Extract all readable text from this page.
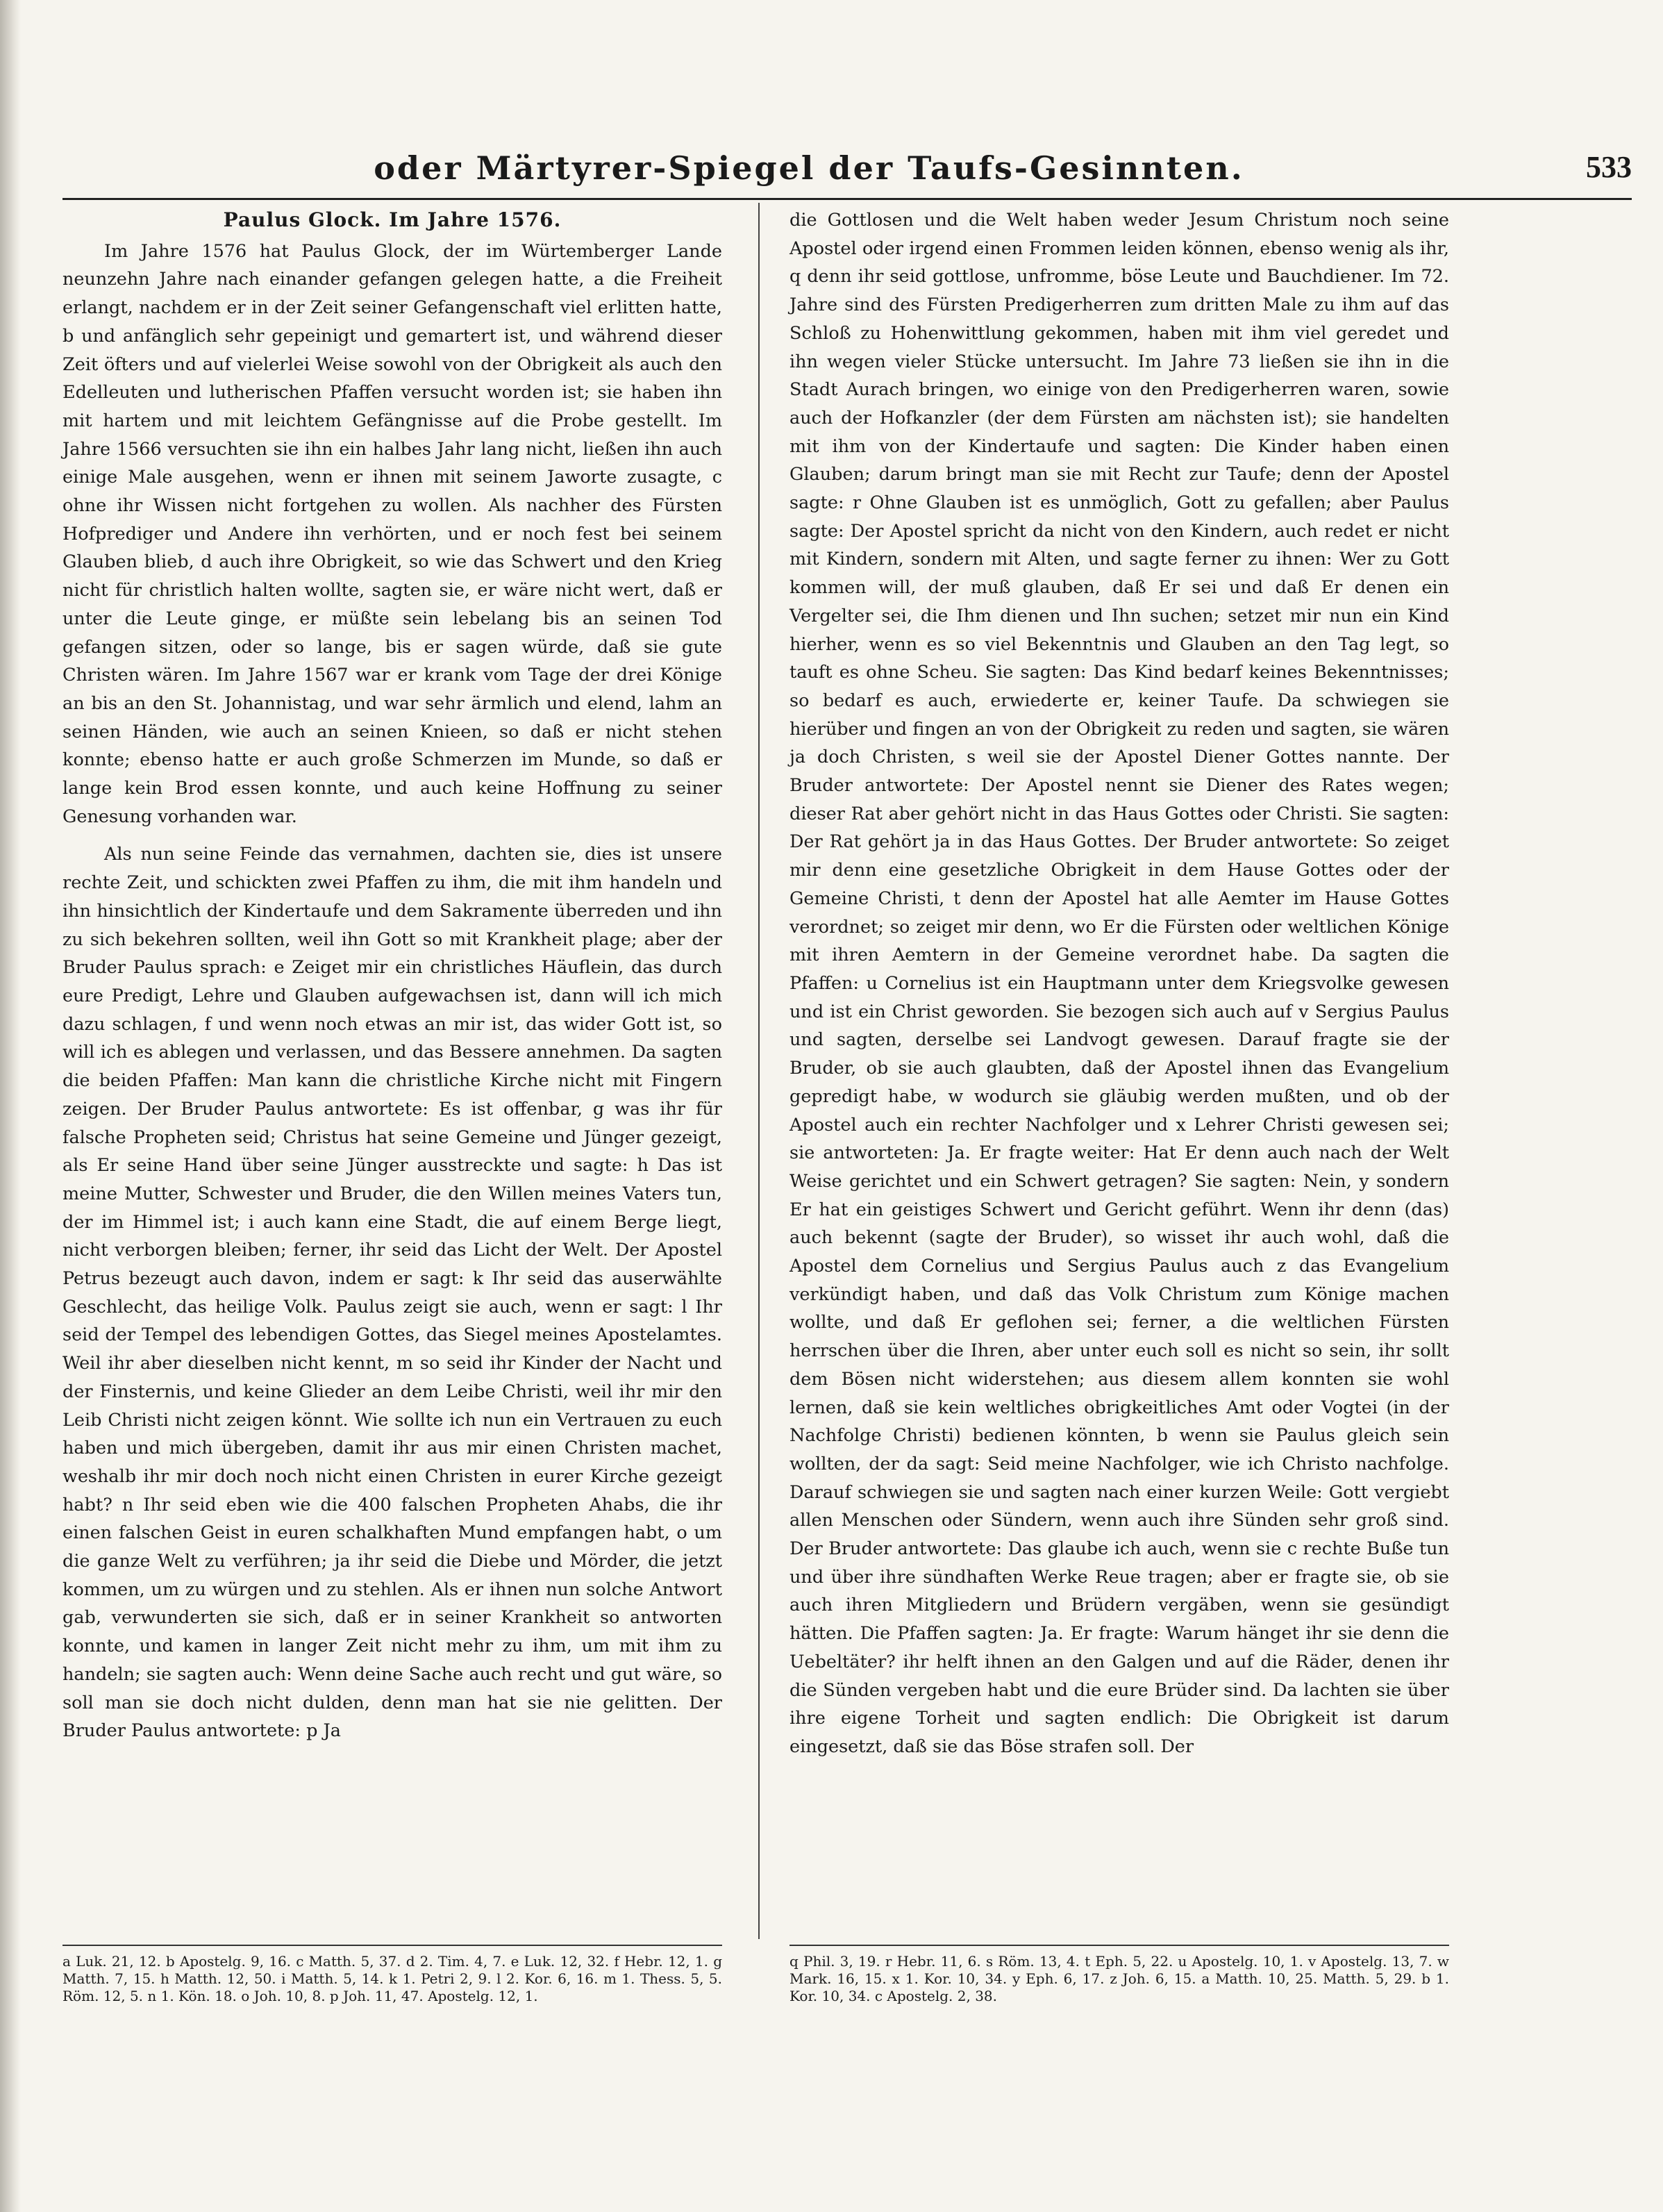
oder Märtyrer-Spiegel der Taufs-Gesinnten.	533
Paulus Glock. Im Jahre 1576.

Im Jahre 1576 hat Paulus Glock, der im Würtemberger Lande neunzehn Jahre nach einander gefangen gelegen hatte, a die Freiheit erlangt, nachdem er in der Zeit seiner Gefangenschaft viel erlitten hatte, b und anfänglich sehr gepeinigt und gemartert ist, und während dieser Zeit öfters und auf vielerlei Weise sowohl von der Obrigkeit als auch den Edelleuten und lutherischen Pfaffen versucht worden ist; sie haben ihn mit hartem und mit leichtem Gefängnisse auf die Probe gestellt. Im Jahre 1566 versuchten sie ihn ein halbes Jahr lang nicht, ließen ihn auch einige Male ausgehen, wenn er ihnen mit seinem Jaworte zusagte, c ohne ihr Wissen nicht fortgehen zu wollen. Als nachher des Fürsten Hofprediger und Andere ihn verhörten, und er noch fest bei seinem Glauben blieb, d auch ihre Obrigkeit, so wie das Schwert und den Krieg nicht für christlich halten wollte, sagten sie, er wäre nicht wert, daß er unter die Leute ginge, er müßte sein lebelang bis an seinen Tod gefangen sitzen, oder so lange, bis er sagen würde, daß sie gute Christen wären. Im Jahre 1567 war er krank vom Tage der drei Könige an bis an den St. Johannistag, und war sehr ärmlich und elend, lahm an seinen Händen, wie auch an seinen Knieen, so daß er nicht stehen konnte; ebenso hatte er auch große Schmerzen im Munde, so daß er lange kein Brod essen konnte, und auch keine Hoffnung zu seiner Genesung vorhanden war.

Als nun seine Feinde das vernahmen, dachten sie, dies ist unsere rechte Zeit, und schickten zwei Pfaffen zu ihm, die mit ihm handeln und ihn hinsichtlich der Kindertaufe und dem Sakramente überreden und ihn zu sich bekehren sollten, weil ihn Gott so mit Krankheit plage; aber der Bruder Paulus sprach: e Zeiget mir ein christliches Häuflein, das durch eure Predigt, Lehre und Glauben aufgewachsen ist, dann will ich mich dazu schlagen, f und wenn noch etwas an mir ist, das wider Gott ist, so will ich es ablegen und verlassen, und das Bessere annehmen. Da sagten die beiden Pfaffen: Man kann die christliche Kirche nicht mit Fingern zeigen. Der Bruder Paulus antwortete: Es ist offenbar, g was ihr für falsche Propheten seid; Christus hat seine Gemeine und Jünger gezeigt, als Er seine Hand über seine Jünger ausstreckte und sagte: h Das ist meine Mutter, Schwester und Bruder, die den Willen meines Vaters tun, der im Himmel ist; i auch kann eine Stadt, die auf einem Berge liegt, nicht verborgen bleiben; ferner, ihr seid das Licht der Welt. Der Apostel Petrus bezeugt auch davon, indem er sagt: k Ihr seid das auserwählte Geschlecht, das heilige Volk. Paulus zeigt sie auch, wenn er sagt: l Ihr seid der Tempel des lebendigen Gottes, das Siegel meines Apostelamtes. Weil ihr aber dieselben nicht kennt, m so seid ihr Kinder der Nacht und der Finsternis, und keine Glieder an dem Leibe Christi, weil ihr mir den Leib Christi nicht zeigen könnt. Wie sollte ich nun ein Vertrauen zu euch haben und mich übergeben, damit ihr aus mir einen Christen machet, weshalb ihr mir doch noch nicht einen Christen in eurer Kirche gezeigt habt? n Ihr seid eben wie die 400 falschen Propheten Ahabs, die ihr einen falschen Geist in euren schalkhaften Mund empfangen habt, o um die ganze Welt zu verführen; ja ihr seid die Diebe und Mörder, die jetzt kommen, um zu würgen und zu stehlen. Als er ihnen nun solche Antwort gab, verwunderten sie sich, daß er in seiner Krankheit so antworten konnte, und kamen in langer Zeit nicht mehr zu ihm, um mit ihm zu handeln; sie sagten auch: Wenn deine Sache auch recht und gut wäre, so soll man sie doch nicht dulden, denn man hat sie nie gelitten. Der Bruder Paulus antwortete: p Ja

die Gottlosen und die Welt haben weder Jesum Christum noch seine Apostel oder irgend einen Frommen leiden können, ebenso wenig als ihr, q denn ihr seid gottlose, unfromme, böse Leute und Bauchdiener. Im 72. Jahre sind des Fürsten Predigerherren zum dritten Male zu ihm auf das Schloß zu Hohenwittlung gekommen, haben mit ihm viel geredet und ihn wegen vieler Stücke untersucht. Im Jahre 73 ließen sie ihn in die Stadt Aurach bringen, wo einige von den Predigerherren waren, sowie auch der Hofkanzler (der dem Fürsten am nächsten ist); sie handelten mit ihm von der Kindertaufe und sagten: Die Kinder haben einen Glauben; darum bringt man sie mit Recht zur Taufe; denn der Apostel sagte: r Ohne Glauben ist es unmöglich, Gott zu gefallen; aber Paulus sagte: Der Apostel spricht da nicht von den Kindern, auch redet er nicht mit Kindern, sondern mit Alten, und sagte ferner zu ihnen: Wer zu Gott kommen will, der muß glauben, daß Er sei und daß Er denen ein Vergelter sei, die Ihm dienen und Ihn suchen; setzet mir nun ein Kind hierher, wenn es so viel Bekenntnis und Glauben an den Tag legt, so tauft es ohne Scheu. Sie sagten: Das Kind bedarf keines Bekenntnisses; so bedarf es auch, erwiederte er, keiner Taufe. Da schwiegen sie hierüber und fingen an von der Obrigkeit zu reden und sagten, sie wären ja doch Christen, s weil sie der Apostel Diener Gottes nannte. Der Bruder antwortete: Der Apostel nennt sie Diener des Rates wegen; dieser Rat aber gehört nicht in das Haus Gottes oder Christi. Sie sagten: Der Rat gehört ja in das Haus Gottes. Der Bruder antwortete: So zeiget mir denn eine gesetzliche Obrigkeit in dem Hause Gottes oder der Gemeine Christi, t denn der Apostel hat alle Aemter im Hause Gottes verordnet; so zeiget mir denn, wo Er die Fürsten oder weltlichen Könige mit ihren Aemtern in der Gemeine verordnet habe. Da sagten die Pfaffen: u Cornelius ist ein Hauptmann unter dem Kriegsvolke gewesen und ist ein Christ geworden. Sie bezogen sich auch auf v Sergius Paulus und sagten, derselbe sei Landvogt gewesen. Darauf fragte sie der Bruder, ob sie auch glaubten, daß der Apostel ihnen das Evangelium gepredigt habe, w wodurch sie gläubig werden mußten, und ob der Apostel auch ein rechter Nachfolger und x Lehrer Christi gewesen sei; sie antworteten: Ja. Er fragte weiter: Hat Er denn auch nach der Welt Weise gerichtet und ein Schwert getragen? Sie sagten: Nein, y sondern Er hat ein geistiges Schwert und Gericht geführt. Wenn ihr denn (das) auch bekennt (sagte der Bruder), so wisset ihr auch wohl, daß die Apostel dem Cornelius und Sergius Paulus auch z das Evangelium verkündigt haben, und daß das Volk Christum zum Könige machen wollte, und daß Er geflohen sei; ferner, a die weltlichen Fürsten herrschen über die Ihren, aber unter euch soll es nicht so sein, ihr sollt dem Bösen nicht widerstehen; aus diesem allem konnten sie wohl lernen, daß sie kein weltliches obrigkeitliches Amt oder Vogtei (in der Nachfolge Christi) bedienen könnten, b wenn sie Paulus gleich sein wollten, der da sagt: Seid meine Nachfolger, wie ich Christo nachfolge. Darauf schwiegen sie und sagten nach einer kurzen Weile: Gott vergiebt allen Menschen oder Sündern, wenn auch ihre Sünden sehr groß sind. Der Bruder antwortete: Das glaube ich auch, wenn sie c rechte Buße tun und über ihre sündhaften Werke Reue tragen; aber er fragte sie, ob sie auch ihren Mitgliedern und Brüdern vergäben, wenn sie gesündigt hätten. Die Pfaffen sagten: Ja. Er fragte: Warum hänget ihr sie denn die Uebeltäter? ihr helft ihnen an den Galgen und auf die Räder, denen ihr die Sünden vergeben habt und die eure Brüder sind. Da lachten sie über ihre eigene Torheit und sagten endlich: Die Obrigkeit ist darum eingesetzt, daß sie das Böse strafen soll. Der

a Luk. 21, 12. b Apostelg. 9, 16. c Matth. 5, 37. d 2. Tim. 4, 7. e Luk. 12, 32. f Hebr. 12, 1. g Matth. 7, 15. h Matth. 12, 50. i Matth. 5, 14. k 1. Petri 2, 9. l 2. Kor. 6, 16. m 1. Thess. 5, 5. Röm. 12, 5. n 1. Kön. 18. o Joh. 10, 8. p Joh. 11, 47. Apostelg. 12, 1.
q Phil. 3, 19. r Hebr. 11, 6. s Röm. 13, 4. t Eph. 5, 22. u Apostelg. 10, 1. v Apostelg. 13, 7. w Mark. 16, 15. x 1. Kor. 10, 34. y Eph. 6, 17. z Joh. 6, 15. a Matth. 10, 25. Matth. 5, 29. b 1. Kor. 10, 34. c Apostelg. 2, 38.
